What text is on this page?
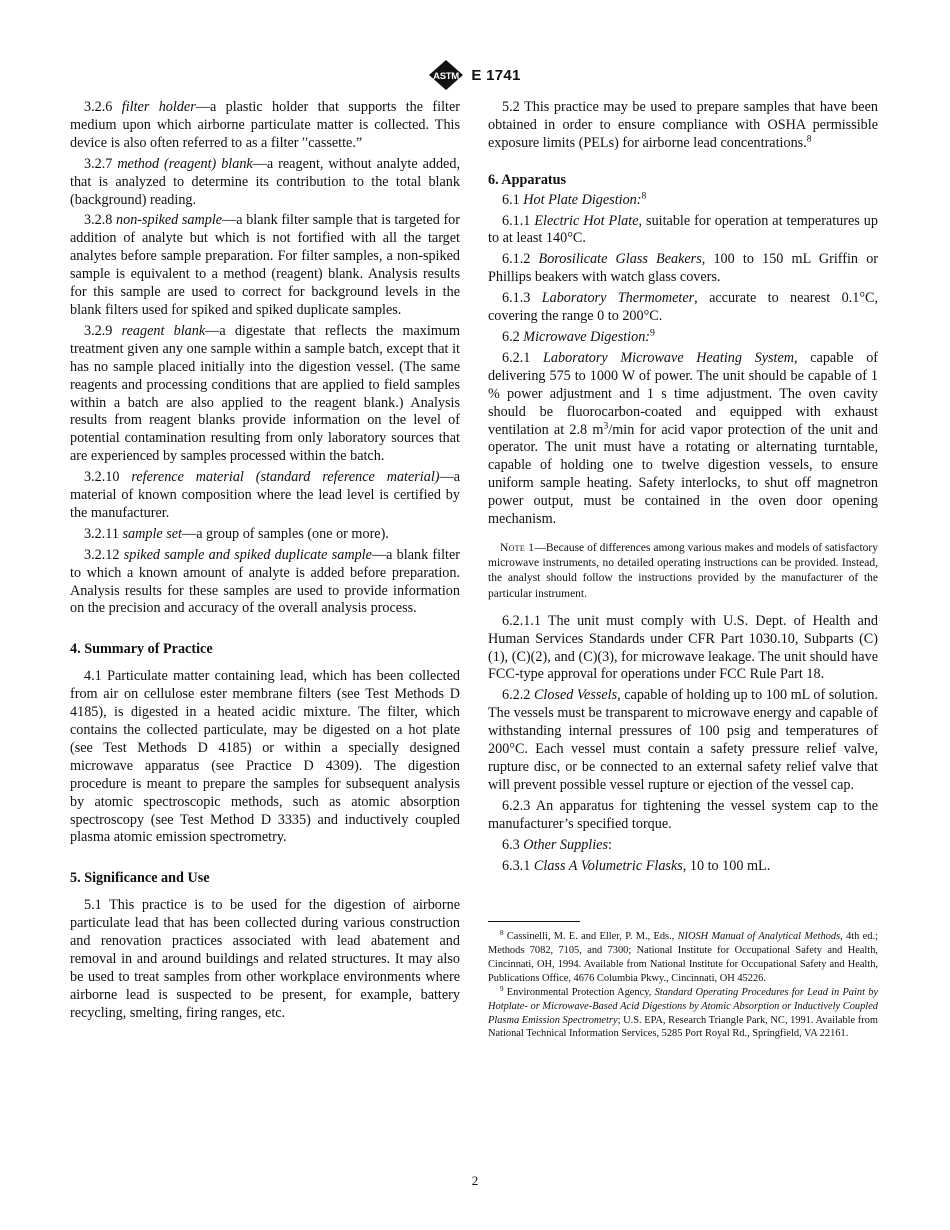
ASTM E 1741

3.2.6 filter holder—a plastic holder that supports the filter medium upon which airborne particulate matter is collected. This device is also often referred to as a filter ′′cassette.”

3.2.7 method (reagent) blank—a reagent, without analyte added, that is analyzed to determine its contribution to the total blank (background) reading.

3.2.8 non-spiked sample—a blank filter sample that is targeted for addition of analyte but which is not fortified with all the target analytes before sample preparation. For filter samples, a non-spiked sample is equivalent to a method (reagent) blank. Analysis results for this sample are used to correct for background levels in the blank filters used for spiked and spiked duplicate samples.

3.2.9 reagent blank—a digestate that reflects the maximum treatment given any one sample within a sample batch, except that it has no sample placed initially into the digestion vessel. (The same reagents and processing conditions that are applied to field samples within a batch are also applied to the reagent blank.) Analysis results from reagent blanks provide information on the level of potential contamination resulting from only laboratory sources that are experienced by samples processed within the batch.

3.2.10 reference material (standard reference material)—a material of known composition where the lead level is certified by the manufacturer.

3.2.11 sample set—a group of samples (one or more).

3.2.12 spiked sample and spiked duplicate sample—a blank filter to which a known amount of analyte is added before preparation. Analysis results for these samples are used to provide information on the precision and accuracy of the overall analysis process.

4. Summary of Practice

4.1 Particulate matter containing lead, which has been collected from air on cellulose ester membrane filters (see Test Methods D 4185), is digested in a heated acidic mixture. The filter, which contains the collected particulate, may be digested on a hot plate (see Test Methods D 4185) or within a specially designed microwave apparatus (see Practice D 4309). The digestion procedure is meant to prepare the samples for subsequent analysis by atomic spectroscopic methods, such as atomic absorption spectroscopy (see Test Method D 3335) and inductively coupled plasma atomic emission spectrometry.

5. Significance and Use

5.1 This practice is to be used for the digestion of airborne particulate lead that has been collected during various construction and renovation practices associated with lead abatement and removal in and around buildings and related structures. It may also be used to treat samples from other workplace environments where airborne lead is suspected to be present, for example, battery recycling, smelting, firing ranges, etc.

5.2 This practice may be used to prepare samples that have been obtained in order to ensure compliance with OSHA permissible exposure limits (PELs) for airborne lead concentrations.$^8$

6. Apparatus

6.1 Hot Plate Digestion:$^8$

6.1.1 Electric Hot Plate, suitable for operation at temperatures up to at least 140°C.

6.1.2 Borosilicate Glass Beakers, 100 to 150 mL Griffin or Phillips beakers with watch glass covers.

6.1.3 Laboratory Thermometer, accurate to nearest 0.1°C, covering the range 0 to 200°C.

6.2 Microwave Digestion:$^9$

6.2.1 Laboratory Microwave Heating System, capable of delivering 575 to 1000 W of power. The unit should be capable of 1 % power adjustment and 1 s time adjustment. The oven cavity should be fluorocarbon-coated and equipped with exhaust ventilation at 2.8 $m^3/\min$ for acid vapor protection of the unit and operator. The unit must have a rotating or alternating turntable, capable of holding one to twelve digestion vessels, to ensure uniform sample heating. Safety interlocks, to shut off magnetron power output, must be contained in the oven door opening mechanism.

Note 1—Because of differences among various makes and models of satisfactory microwave instruments, no detailed operating instructions can be provided. Instead, the analyst should follow the instructions provided by the manufacturer of the particular instrument.

6.2.1.1 The unit must comply with U.S. Dept. of Health and Human Services Standards under CFR Part 1030.10, Subparts (C)(1), (C)(2), and (C)(3), for microwave leakage. The unit should have FCC-type approval for operations under FCC Rule Part 18.

6.2.2 Closed Vessels, capable of holding up to 100 mL of solution. The vessels must be transparent to microwave energy and capable of withstanding internal pressures of 100 psig and temperatures of 200°C. Each vessel must contain a safety pressure relief valve, rupture disc, or be connected to an external safety relief valve that will prevent possible vessel rupture or ejection of the vessel cap.

6.2.3 An apparatus for tightening the vessel system cap to the manufacturer’s specified torque.

6.3 Other Supplies:

6.3.1 Class A Volumetric Flasks, 10 to 100 mL.

$^8$ Cassinelli, M. E. and Eller, P. M., Eds., NIOSH Manual of Analytical Methods, 4th ed.; Methods 7082, 7105, and 7300; National Institute for Occupational Safety and Health, Cincinnati, OH, 1994. Available from National Institute for Occupational Safety and Health, Publications Office, 4676 Columbia Pkwy., Cincinnati, OH 45226.

$^9$ Environmental Protection Agency, Standard Operating Procedures for Lead in Paint by Hotplate- or Microwave-Based Acid Digestions by Atomic Absorption or Inductively Coupled Plasma Emission Spectrometry; U.S. EPA, Research Triangle Park, NC, 1991. Available from National Technical Information Services, 5285 Port Royal Rd., Springfield, VA 22161.

2
